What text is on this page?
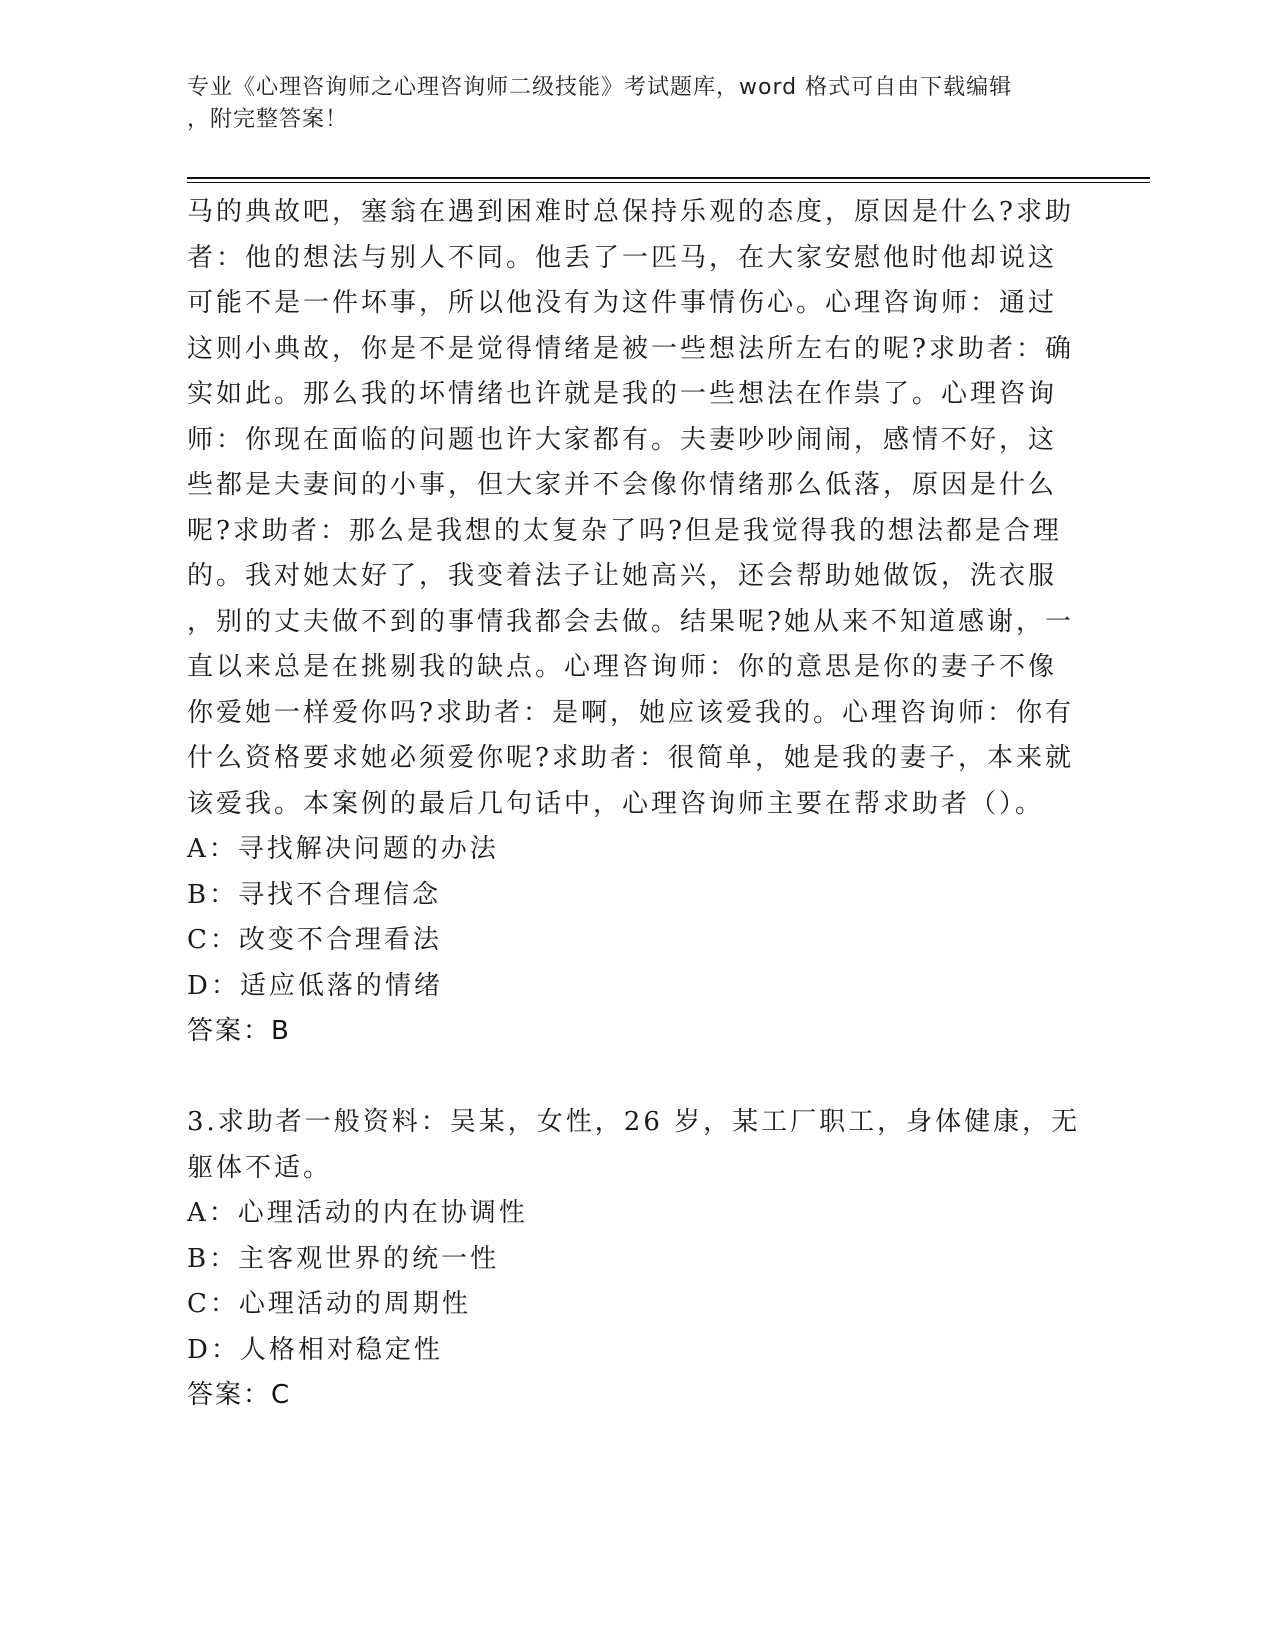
专业《心理咨询师之心理咨询师二级技能》考试题库，word 格式可自由下载编辑
，附完整答案！
马的典故吧，塞翁在遇到困难时总保持乐观的态度，原因是什么?求助
者：他的想法与别人不同。他丢了一匹马，在大家安慰他时他却说这
可能不是一件坏事，所以他没有为这件事情伤心。心理咨询师：通过
这则小典故，你是不是觉得情绪是被一些想法所左右的呢?求助者：确
实如此。那么我的坏情绪也许就是我的一些想法在作祟了。心理咨询
师：你现在面临的问题也许大家都有。夫妻吵吵闹闹，感情不好，这
些都是夫妻间的小事，但大家并不会像你情绪那么低落，原因是什么
呢?求助者：那么是我想的太复杂了吗?但是我觉得我的想法都是合理
的。我对她太好了，我变着法子让她高兴，还会帮助她做饭，洗衣服
，别的丈夫做不到的事情我都会去做。结果呢?她从来不知道感谢，一
直以来总是在挑剔我的缺点。心理咨询师：你的意思是你的妻子不像
你爱她一样爱你吗?求助者：是啊，她应该爱我的。心理咨询师：你有
什么资格要求她必须爱你呢?求助者：很简单，她是我的妻子，本来就
该爱我。本案例的最后几句话中，心理咨询师主要在帮求助者（）。
A：寻找解决问题的办法
B：寻找不合理信念
C：改变不合理看法
D：适应低落的情绪
答案：B
3.求助者一般资料：吴某，女性，26 岁，某工厂职工，身体健康，无
躯体不适。
A：心理活动的内在协调性
B：主客观世界的统一性
C：心理活动的周期性
D：人格相对稳定性
答案：C
